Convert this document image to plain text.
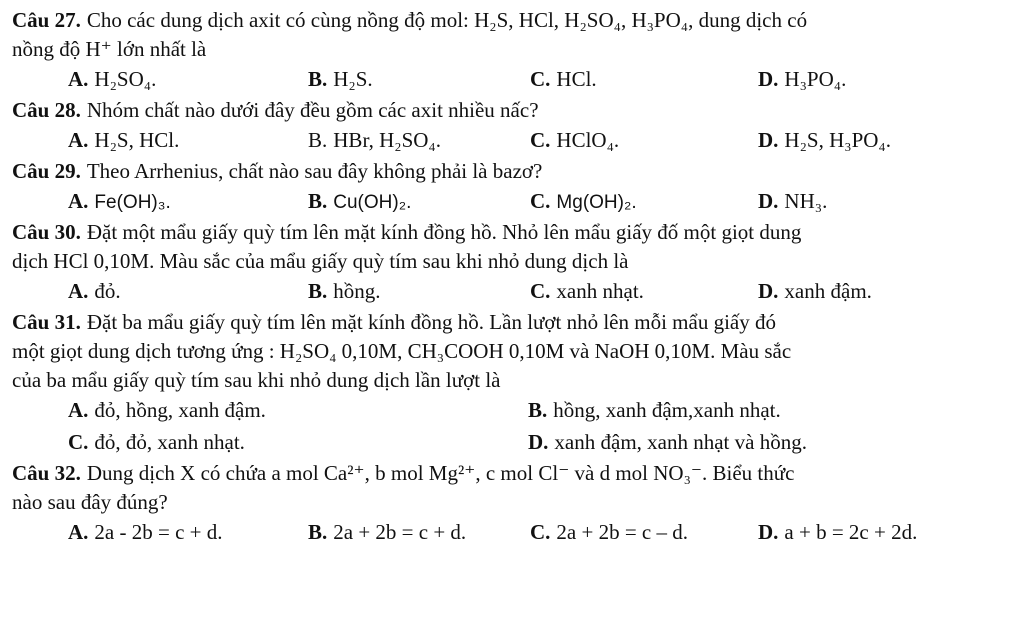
Câu 27. Cho các dung dịch axit có cùng nồng độ mol: H₂S, HCl, H₂SO₄, H₃PO₄, dung dịch có
nồng độ H⁺ lớn nhất là
A. H₂SO₄.	B. H₂S.	C. HCl.	D. H₃PO₄.
Câu 28. Nhóm chất nào dưới đây đều gồm các axit nhiều nấc?
A. H₂S, HCl.	B. HBr, H₂SO₄.	C. HClO₄.	D. H₂S, H₃PO₄.
Câu 29. Theo Arrhenius, chất nào sau đây không phải là bazơ?
A. Fe(OH)₃.	B. Cu(OH)₂.	C. Mg(OH)₂.	D. NH₃.
Câu 30. Đặt một mẩu giấy quỳ tím lên mặt kính đồng hồ. Nhỏ lên mẩu giấy đố một giọt dung
dịch HCl 0,10M. Màu sắc của mẩu giấy quỳ tím sau khi nhỏ dung dịch là
A. đỏ.	B. hồng.	C. xanh nhạt.	D. xanh đậm.
Câu 31. Đặt ba mẩu giấy quỳ tím lên mặt kính đồng hồ. Lần lượt nhỏ lên mỗi mẩu giấy đó
một giọt dung dịch tương ứng : H₂SO₄ 0,10M, CH₃COOH 0,10M và NaOH 0,10M. Màu sắc
của ba mẩu giấy quỳ tím sau khi nhỏ dung dịch lần lượt là
A. đỏ, hồng, xanh đậm.	B. hồng, xanh đậm,xanh nhạt.
C. đỏ, đỏ, xanh nhạt.	D. xanh đậm, xanh nhạt và hồng.
Câu 32. Dung dịch X có chứa a mol Ca²⁺, b mol Mg²⁺, c mol Cl⁻ và d mol NO₃⁻. Biểu thức
nào sau đây đúng?
A. 2a - 2b = c + d.	B. 2a + 2b = c + d.	C. 2a + 2b = c – d.	D. a + b = 2c + 2d.
